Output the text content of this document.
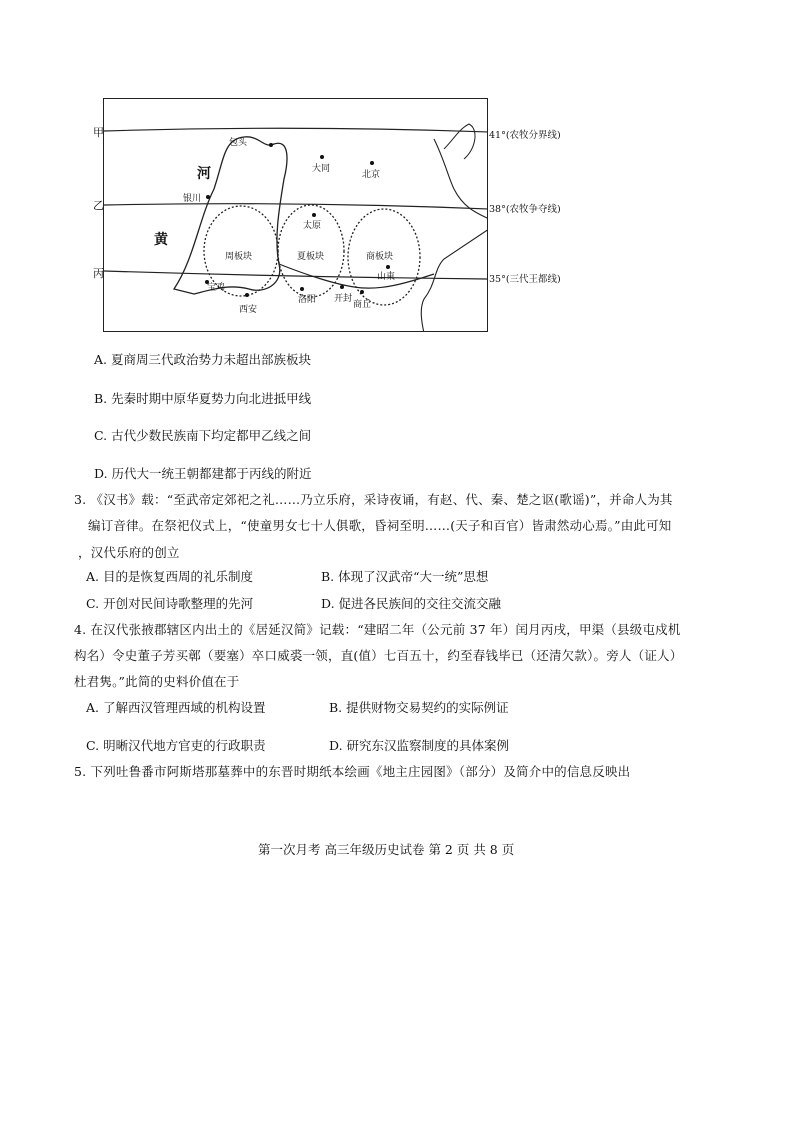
甲
乙
丙
包头
大同
北京
银川
太原
山東
宝鸡
西安
洛阳 开封
商丘
河
黄
周板块	夏板块	商板块
41°(农牧分界线)
38°(农牧争夺线)
35°(三代王都线)
A. 夏商周三代政治势力未超出部族板块
B. 先秦时期中原华夏势力向北进抵甲线
C. 古代少数民族南下均定都甲乙线之间
D. 历代大一统王朝都建都于丙线的附近
3. 《汉书》载：“至武帝定郊祀之礼……乃立乐府，采诗夜诵，有赵、代、秦、楚之讴(歌谣)”，并命人为其
编订音律。在祭祀仪式上，“使童男女七十人俱歌，昏祠至明……(天子和百官）皆肃然动心焉。”由此可知
，汉代乐府的创立
A. 目的是恢复西周的礼乐制度	B. 体现了汉武帝“大一统”思想
C. 开创对民间诗歌整理的先河	D. 促进各民族间的交往交流交融
4. 在汉代张掖郡辖区内出土的《居延汉简》记载：“建昭二年（公元前 37 年）闰月丙戌，甲渠（县级屯戍机
构名）令史董子芳买鄣（要塞）卒口威裘一领，直(值）七百五十，约至春钱毕已（还清欠款）。旁人（证人）
杜君隽。”此简的史料价值在于
A. 了解西汉管理西域的机构设置	B. 提供财物交易契约的实际例证
C. 明晰汉代地方官吏的行政职责	D. 研究东汉监察制度的具体案例
5. 下列吐鲁番市阿斯塔那墓葬中的东晋时期纸本绘画《地主庄园图》（部分）及简介中的信息反映出
第一次月考 高三年级历史试卷 第 2 页 共 8 页
